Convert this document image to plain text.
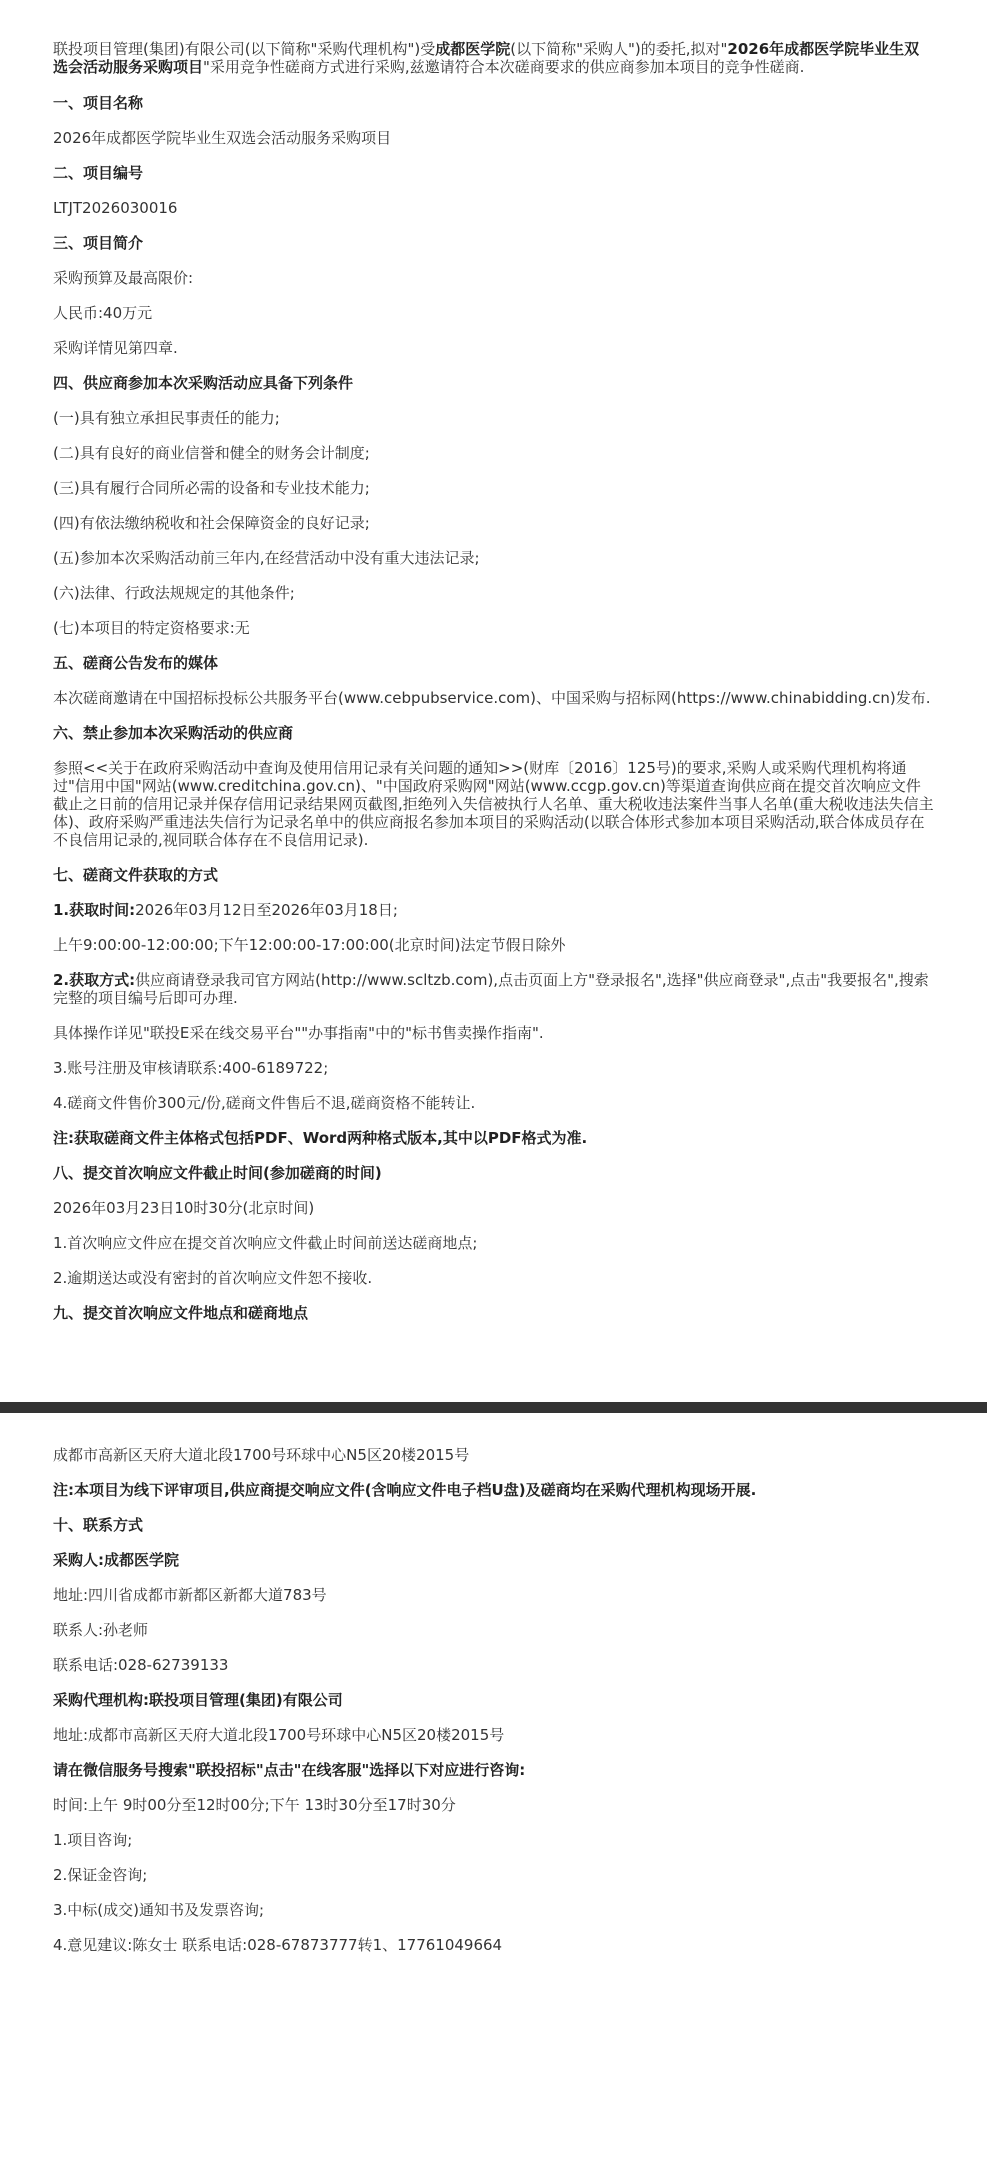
联投项目管理(集团)有限公司(以下简称"采购代理机构")受成都医学院(以下简称"采购人")的委托,拟对"2026年成都医学院毕业生双选会活动服务采购项目"采用竞争性磋商方式进行采购,兹邀请符合本次磋商要求的供应商参加本项目的竞争性磋商.

一、项目名称

2026年成都医学院毕业生双选会活动服务采购项目

二、项目编号

LTJT2026030016

三、项目简介

采购预算及最高限价:

人民币:40万元

采购详情见第四章.

四、供应商参加本次采购活动应具备下列条件

(一)具有独立承担民事责任的能力;

(二)具有良好的商业信誉和健全的财务会计制度;

(三)具有履行合同所必需的设备和专业技术能力;

(四)有依法缴纳税收和社会保障资金的良好记录;

(五)参加本次采购活动前三年内,在经营活动中没有重大违法记录;

(六)法律、行政法规规定的其他条件;

(七)本项目的特定资格要求:无

五、磋商公告发布的媒体

本次磋商邀请在中国招标投标公共服务平台(www.cebpubservice.com)、中国采购与招标网(https://www.chinabidding.cn)发布.

六、禁止参加本次采购活动的供应商

参照<<关于在政府采购活动中查询及使用信用记录有关问题的通知>>(财库〔2016〕125号)的要求,采购人或采购代理机构将通过"信用中国"网站(www.creditchina.gov.cn)、"中国政府采购网"网站(www.ccgp.gov.cn)等渠道查询供应商在提交首次响应文件截止之日前的信用记录并保存信用记录结果网页截图,拒绝列入失信被执行人名单、重大税收违法案件当事人名单(重大税收违法失信主体)、政府采购严重违法失信行为记录名单中的供应商报名参加本项目的采购活动(以联合体形式参加本项目采购活动,联合体成员存在不良信用记录的,视同联合体存在不良信用记录).

七、磋商文件获取的方式

1.获取时间:2026年03月12日至2026年03月18日;

上午9:00:00-12:00:00;下午12:00:00-17:00:00(北京时间)法定节假日除外

2.获取方式:供应商请登录我司官方网站(http://www.scltzb.com),点击页面上方"登录报名",选择"供应商登录",点击"我要报名",搜索完整的项目编号后即可办理.

具体操作详见"联投E采在线交易平台""办事指南"中的"标书售卖操作指南".

3.账号注册及审核请联系:400-6189722;

4.磋商文件售价300元/份,磋商文件售后不退,磋商资格不能转让.

注:获取磋商文件主体格式包括PDF、Word两种格式版本,其中以PDF格式为准.

八、提交首次响应文件截止时间(参加磋商的时间)

2026年03月23日10时30分(北京时间)

1.首次响应文件应在提交首次响应文件截止时间前送达磋商地点;

2.逾期送达或没有密封的首次响应文件恕不接收.

九、提交首次响应文件地点和磋商地点

成都市高新区天府大道北段1700号环球中心N5区20楼2015号

注:本项目为线下评审项目,供应商提交响应文件(含响应文件电子档U盘)及磋商均在采购代理机构现场开展.

十、联系方式

采购人:成都医学院

地址:四川省成都市新都区新都大道783号

联系人:孙老师

联系电话:028-62739133

采购代理机构:联投项目管理(集团)有限公司

地址:成都市高新区天府大道北段1700号环球中心N5区20楼2015号

请在微信服务号搜索"联投招标"点击"在线客服"选择以下对应进行咨询:

时间:上午 9时00分至12时00分;下午 13时30分至17时30分

1.项目咨询;

2.保证金咨询;

3.中标(成交)通知书及发票咨询;

4.意见建议:陈女士 联系电话:028-67873777转1、17761049664
